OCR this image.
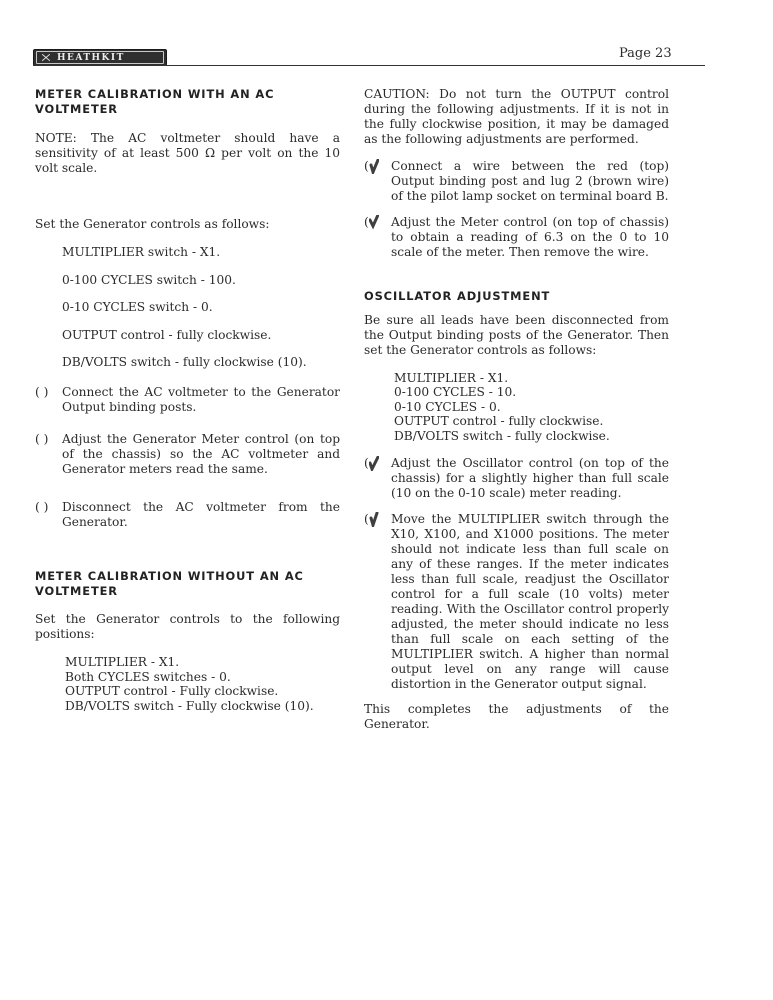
HEATHKIT	Page 23
METER CALIBRATION WITH AN AC VOLTMETER

NOTE: The AC voltmeter should have a sensitivity of at least 500 Ω per volt on the 10 volt scale.

Set the Generator controls as follows:

MULTIPLIER switch - X1.
0-100 CYCLES switch - 100.
0-10 CYCLES switch - 0.
OUTPUT control - fully clockwise.
DB/VOLTS switch - fully clockwise (10).
( ) Connect the AC voltmeter to the Generator Output binding posts.
( ) Adjust the Generator Meter control (on top of the chassis) so the AC voltmeter and Generator meters read the same.
( ) Disconnect the AC voltmeter from the Generator.
METER CALIBRATION WITHOUT AN AC VOLTMETER

Set the Generator controls to the following positions:

MULTIPLIER - X1.
Both CYCLES switches - 0.
OUTPUT control - Fully clockwise.
DB/VOLTS switch - Fully clockwise (10).

CAUTION: Do not turn the OUTPUT control during the following adjustments. If it is not in the fully clockwise position, it may be damaged as the following adjustments are performed.

(	Connect a wire between the red (top) Output binding post and lug 2 (brown wire) of the pilot lamp socket on terminal board B.
(	Adjust the Meter control (on top of chassis) to obtain a reading of 6.3 on the 0 to 10 scale of the meter. Then remove the wire.
OSCILLATOR ADJUSTMENT

Be sure all leads have been disconnected from the Output binding posts of the Generator. Then set the Generator controls as follows:

MULTIPLIER - X1.
0-100 CYCLES - 10.
0-10 CYCLES - 0.
OUTPUT control - fully clockwise.
DB/VOLTS switch - fully clockwise.
(	Adjust the Oscillator control (on top of the chassis) for a slightly higher than full scale (10 on the 0-10 scale) meter reading.
(	Move the MULTIPLIER switch through the X10, X100, and X1000 positions. The meter should not indicate less than full scale on any of these ranges. If the meter indicates less than full scale, readjust the Oscillator control for a full scale (10 volts) meter reading. With the Oscillator control properly adjusted, the meter should indicate no less than full scale on each setting of the MULTIPLIER switch. A higher than normal output level on any range will cause distortion in the Generator output signal.

This completes the adjustments of the Generator.
